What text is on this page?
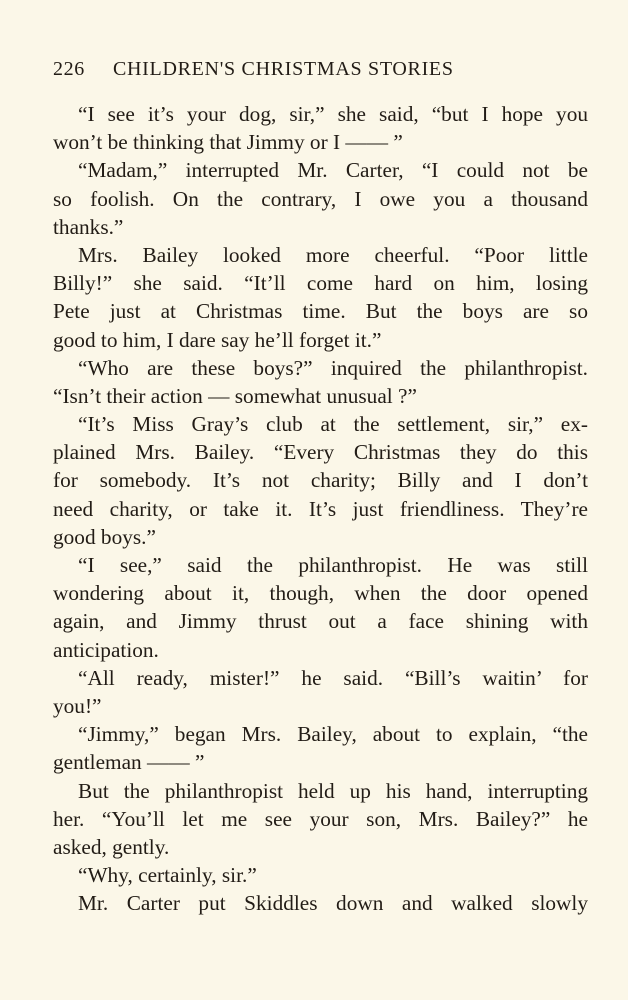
226 CHILDREN'S CHRISTMAS STORIES
“I see it’s your dog, sir,” she said, “but I hope you
won’t be thinking that Jimmy or I —— ”
“Madam,” interrupted Mr. Carter, “I could not be
so foolish. On the contrary, I owe you a thousand
thanks.”
Mrs. Bailey looked more cheerful. “Poor little
Billy!” she said. “It’ll come hard on him, losing
Pete just at Christmas time. But the boys are so
good to him, I dare say he’ll forget it.”
“Who are these boys?” inquired the philanthropist.
“Isn’t their action — somewhat unusual ?”
“It’s Miss Gray’s club at the settlement, sir,” ex-
plained Mrs. Bailey. “Every Christmas they do this
for somebody. It’s not charity; Billy and I don’t
need charity, or take it. It’s just friendliness. They’re
good boys.”
“I see,” said the philanthropist. He was still
wondering about it, though, when the door opened
again, and Jimmy thrust out a face shining with
anticipation.
“All ready, mister!” he said. “Bill’s waitin’ for
you!”
“Jimmy,” began Mrs. Bailey, about to explain, “the
gentleman —— ”
But the philanthropist held up his hand, interrupting
her. “You’ll let me see your son, Mrs. Bailey?” he
asked, gently.
“Why, certainly, sir.”
Mr. Carter put Skiddles down and walked slowly
